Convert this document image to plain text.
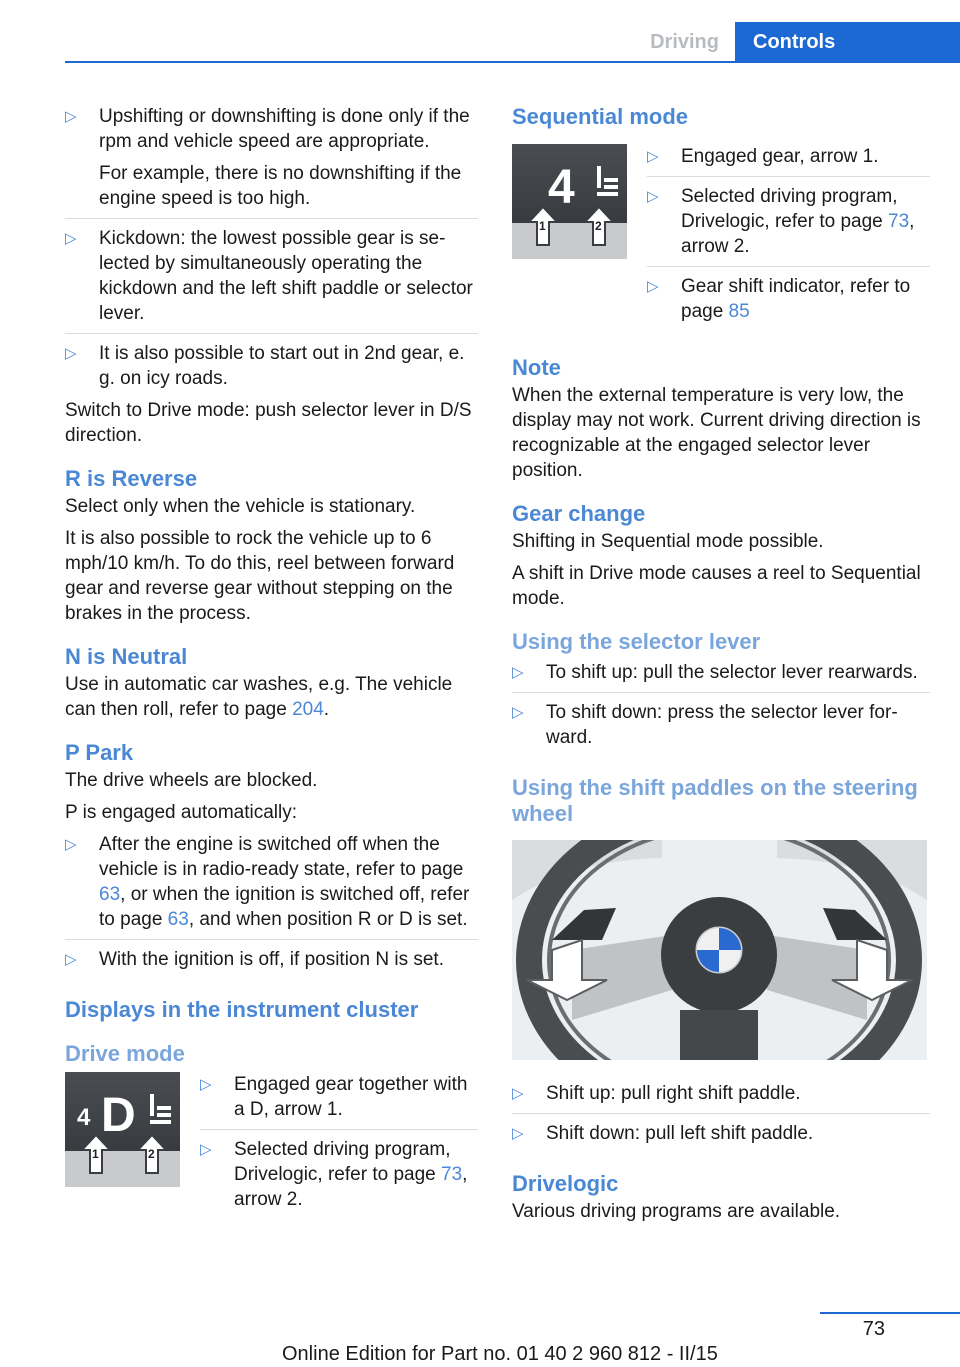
Driving	Controls
▷ Upshifting or downshifting is done only if the rpm and vehicle speed are appropriate.

For example, there is no downshifting if the engine speed is too high.

▷ Kickdown: the lowest possible gear is selected by simultaneously operating the kickdown and the left shift paddle or selector lever.

▷ It is also possible to start out in 2nd gear, e. g. on icy roads.

Switch to Drive mode: push selector lever in D/S direction.

R is Reverse

Select only when the vehicle is stationary.

It is also possible to rock the vehicle up to 6 mph/10 km/h. To do this, reel between forward gear and reverse gear without stepping on the brakes in the process.

N is Neutral

Use in automatic car washes, e.g. The vehicle can then roll, refer to page 204.

P Park

The drive wheels are blocked.

P is engaged automatically:

▷ After the engine is switched off when the vehicle is in radio-ready state, refer to page 63, or when the ignition is switched off, refer to page 63, and when position R or D is set.

▷ With the ignition is off, if position N is set.

Displays in the instrument cluster
Drive mode
4 D
1	2
▷ Engaged gear together with a D, arrow 1.

▷ Selected driving program, Drivelogic, refer to page 73, arrow 2.

Sequential mode
4
1	2
▷ Engaged gear, arrow 1.

▷ Selected driving program, Drivelogic, refer to page 73, arrow 2.

▷ Gear shift indicator, refer to page 85

Note

When the external temperature is very low, the display may not work. Current driving direction is recognizable at the engaged selector lever position.

Gear change

Shifting in Sequential mode possible.

A shift in Drive mode causes a reel to Sequential mode.

Using the selector lever
▷ To shift up: pull the selector lever rearwards.

▷ To shift down: press the selector lever forward.

Using the shift paddles on the steering wheel
▷ Shift up: pull right shift paddle.

▷ Shift down: pull left shift paddle.

Drivelogic

Various driving programs are available.

73
Online Edition for Part no. 01 40 2 960 812 - II/15
